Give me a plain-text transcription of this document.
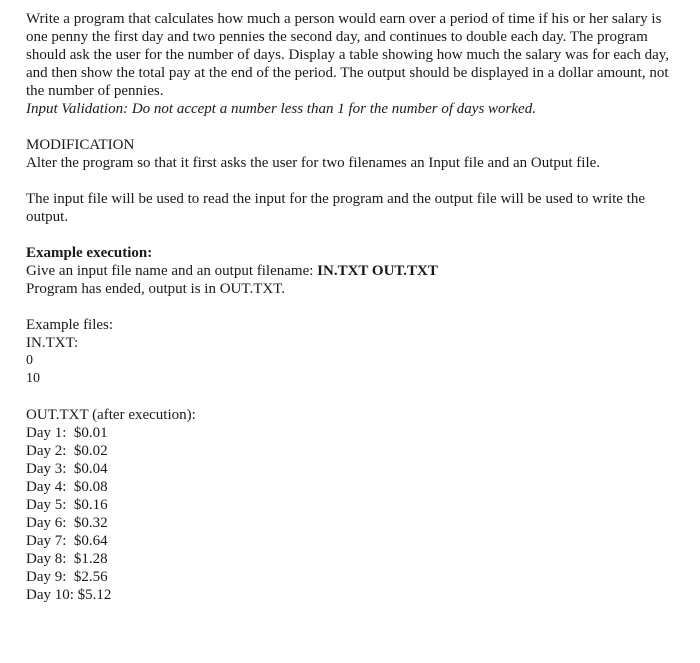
Write a program that calculates how much a person would earn over a period of time if his or her salary is one penny the first day and two pennies the second day, and continues to double each day. The program should ask the user for the number of days. Display a table showing how much the salary was for each day, and then show the total pay at the end of the period. The output should be displayed in a dollar amount, not the number of pennies.

Input Validation: Do not accept a number less than 1 for the number of days worked.

MODIFICATION

Alter the program so that it first asks the user for two filenames an Input file and an Output file.

The input file will be used to read the input for the program and the output file will be used to write the output.

Example execution:

Give an input file name and an output filename: IN.TXT OUT.TXT

Program has ended, output is in OUT.TXT.

Example files:

IN.TXT:

0

10

OUT.TXT (after execution):

Day 1:  $0.01

Day 2:  $0.02

Day 3:  $0.04

Day 4:  $0.08

Day 5:  $0.16

Day 6:  $0.32

Day 7:  $0.64

Day 8:  $1.28

Day 9:  $2.56

Day 10: $5.12
